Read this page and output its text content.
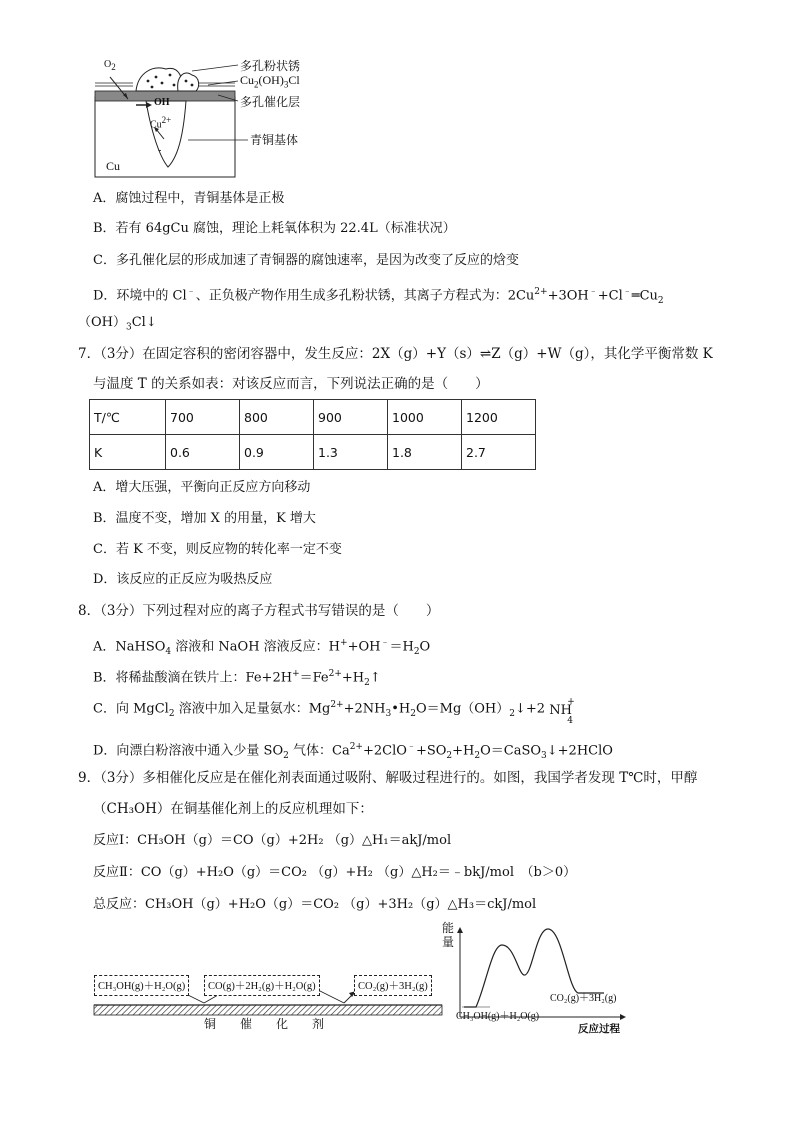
$O_2$
OH
$Cu^{2+}$
-
Cu
多孔粉状锈
$Cu_2(OH)_3Cl$
多孔催化层
青铜基体
A．腐蚀过程中，青铜基体是正极
B．若有 64gCu 腐蚀，理论上耗氧体积为 22.4L（标准状况）
C．多孔催化层的形成加速了青铜器的腐蚀速率，是因为改变了反应的焓变
D．环境中的 Cl﹣、正负极产物作用生成多孔粉状锈，其离子方程式为：$2Cu^{2+}+3OH^﹣+Cl^﹣═Cu_2$
$(OH)_3Cl↓$
7．（3分）在固定容积的密闭容器中，发生反应：2X（g）+Y（s）⇌Z（g）+W（g），其化学平衡常数 K
与温度 T 的关系如表：对该反应而言，下列说法正确的是（　　）
T/℃	700	800	900	1000	1200
K	0.6	0.9	1.3	1.8	2.7
A．增大压强，平衡向正反应方向移动
B．温度不变，增加 X 的用量，K 增大
C．若 K 不变，则反应物的转化率一定不变
D．该反应的正反应为吸热反应
8．（3分）下列过程对应的离子方程式书写错误的是（　　）
A．NaHSO$_4$ 溶液和 NaOH 溶液反应：$H^++OH^﹣=H_2O$
B．将稀盐酸滴在铁片上：$Fe+2H^+=Fe^{2+}+H_2↑$
C．向 MgCl$_2$ 溶液中加入足量氨水：$Mg^{2+}+2NH_3•H_2O=Mg(OH)_2↓+2$ NH
+
4
D．向漂白粉溶液中通入少量 $SO_2$ 气体：$Ca^{2+}+2ClO^﹣+SO_2+H_2O=CaSO_3↓+2HClO$
9．（3分）多相催化反应是在催化剂表面通过吸附、解吸过程进行的。如图，我国学者发现 T℃时，甲醇
（CH₃OH）在铜基催化剂上的反应机理如下：
反应Ⅰ：CH₃OH（g）＝CO（g）+2H₂ （g）△H₁＝akJ/mol
反应Ⅱ：CO（g）+H₂O（g）＝CO₂ （g）+H₂ （g）△H₂＝﹣bkJ/mol　（b＞0）
总反应：CH₃OH（g）+H₂O（g）＝CO₂ （g）+3H₂（g）△H₃＝ckJ/mol
CH₃OH(g)＋H₂O(g)	CO(g)＋2H₂(g)＋H₂O(g)	CO₂(g)＋3H₂(g)
铜　　催　　化　　剂
能量
CO₂(g)＋3H₂(g)
CH₃OH(g)＋H₂O(g)
反应过程
